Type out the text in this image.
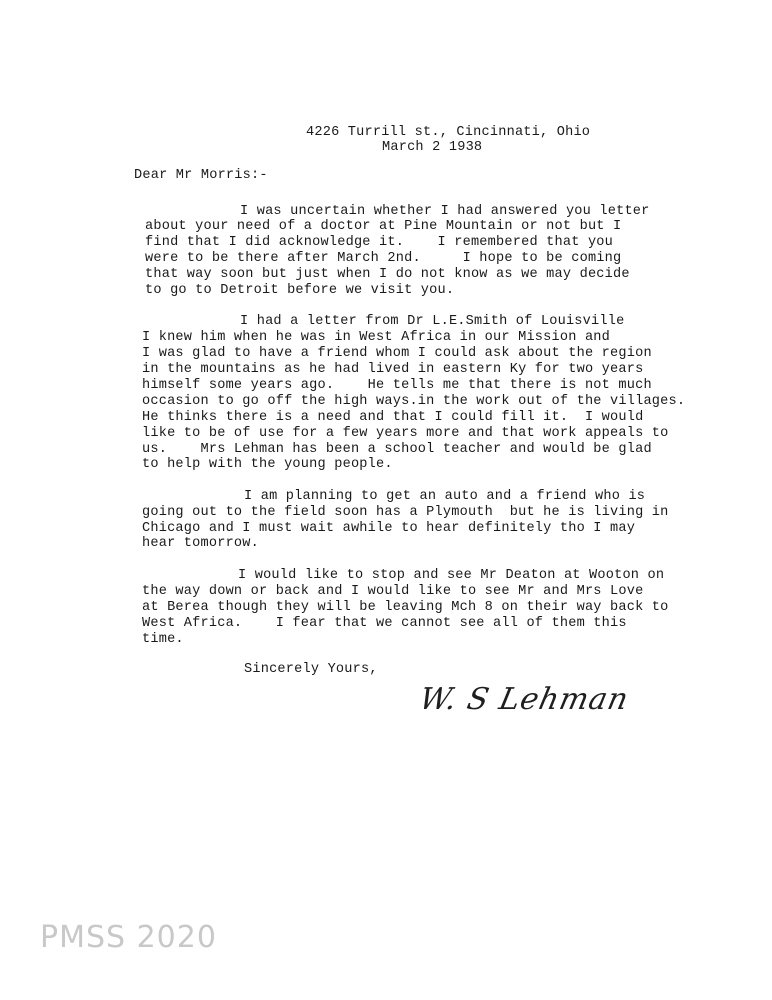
4226 Turrill st., Cincinnati, Ohio
March 2 1938
Dear Mr Morris:-
I was uncertain whether I had answered you letter
about your need of a doctor at Pine Mountain or not but I
find that I did acknowledge it.    I remembered that you
were to be there after March 2nd.     I hope to be coming
that way soon but just when I do not know as we may decide
to go to Detroit before we visit you.
I had a letter from Dr L.E.Smith of Louisville
I knew him when he was in West Africa in our Mission and
I was glad to have a friend whom I could ask about the region
in the mountains as he had lived in eastern Ky for two years
himself some years ago.    He tells me that there is not much
occasion to go off the high ways.in the work out of the villages.
He thinks there is a need and that I could fill it.  I would
like to be of use for a few years more and that work appeals to
us.    Mrs Lehman has been a school teacher and would be glad
to help with the young people.
I am planning to get an auto and a friend who is
going out to the field soon has a Plymouth  but he is living in
Chicago and I must wait awhile to hear definitely tho I may
hear tomorrow.
I would like to stop and see Mr Deaton at Wooton on
the way down or back and I would like to see Mr and Mrs Love
at Berea though they will be leaving Mch 8 on their way back to
West Africa.    I fear that we cannot see all of them this
time.
Sincerely Yours,
W. S Lehman
PMSS 2020
